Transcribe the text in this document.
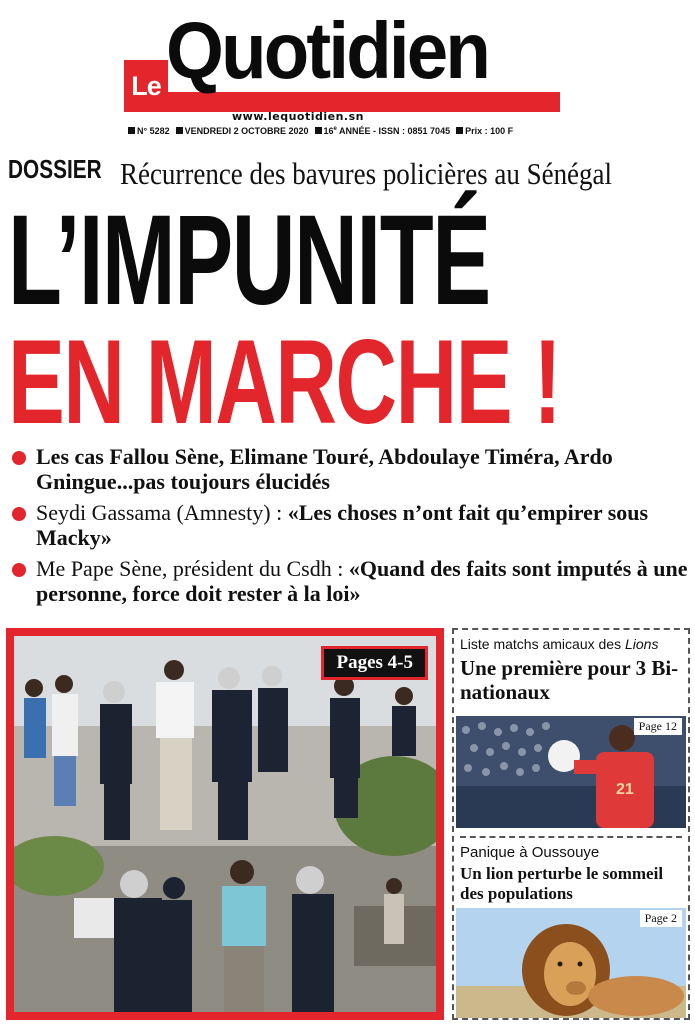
Le Quotidien
www.lequotidien.sn
N° 5282	VENDREDI 2 OCTOBRE 2020	16e ANNÉE - ISSN : 0851 7045	Prix : 100 F
DOSSIER Récurrence des bavures policières au Sénégal
L’IMPUNITÉ
EN MARCHE !
Les cas Fallou Sène, Elimane Touré, Abdoulaye Timéra, Ardo Gningue...pas toujours élucidés
Seydi Gassama (Amnesty) : «Les choses n’ont fait qu’empirer sous Macky»
Me Pape Sène, président du Csdh : «Quand des faits sont imputés à une personne, force doit rester à la loi»
Pages 4-5
Liste matchs amicaux des Lions
Une première pour 3 Bi-nationaux
21
Page 12
Panique à Oussouye
Un lion perturbe le sommeil des populations
Page 2
